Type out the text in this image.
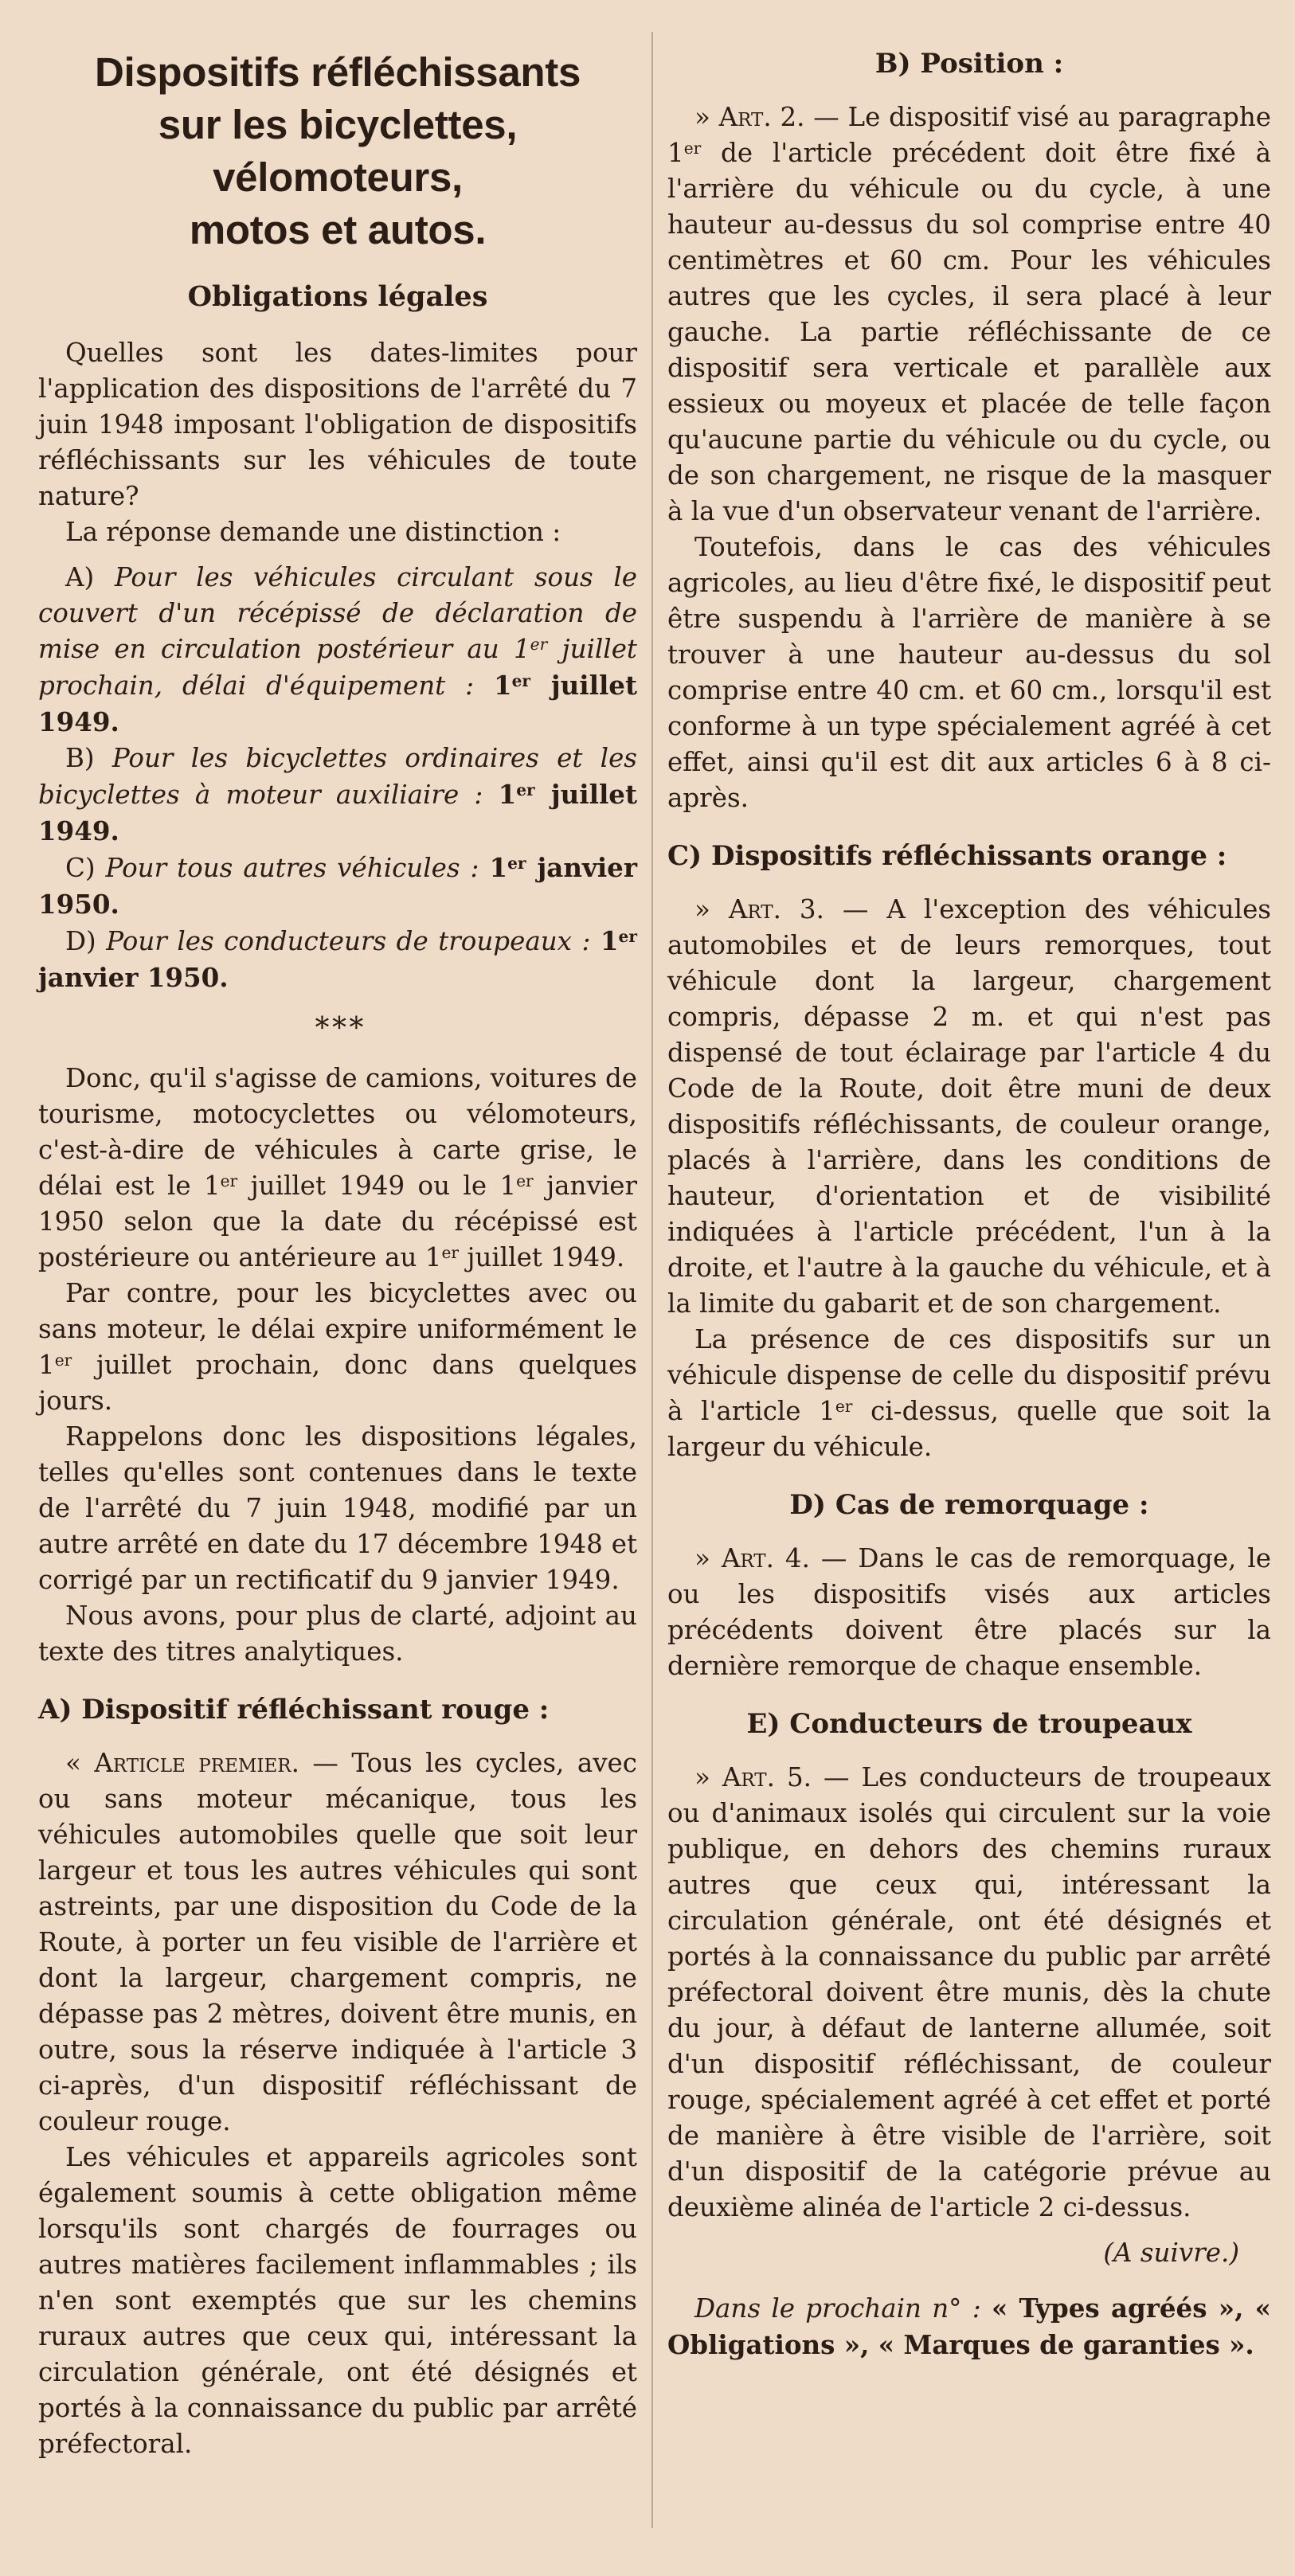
Dispositifs réfléchissants
sur les bicyclettes, vélomoteurs,
motos et autos.
Obligations légales

Quelles sont les dates-limites pour l'application des dispositions de l'arrêté du 7 juin 1948 imposant l'obligation de dispositifs réfléchissants sur les véhicules de toute nature?

La réponse demande une distinction :

A) Pour les véhicules circulant sous le couvert d'un récépissé de déclaration de mise en circulation postérieur au 1er juillet prochain, délai d'équipement : 1er juillet 1949.

B) Pour les bicyclettes ordinaires et les bicyclettes à moteur auxiliaire : 1er juillet 1949.

C) Pour tous autres véhicules : 1er janvier 1950.

D) Pour les conducteurs de troupeaux : 1er janvier 1950.

* * *

Donc, qu'il s'agisse de camions, voitures de tourisme, motocyclettes ou vélomoteurs, c'est-à-dire de véhicules à carte grise, le délai est le 1er juillet 1949 ou le 1er janvier 1950 selon que la date du récépissé est postérieure ou antérieure au 1er juillet 1949.

Par contre, pour les bicyclettes avec ou sans moteur, le délai expire uniformément le 1er juillet prochain, donc dans quelques jours.

Rappelons donc les dispositions légales, telles qu'elles sont contenues dans le texte de l'arrêté du 7 juin 1948, modifié par un autre arrêté en date du 17 décembre 1948 et corrigé par un rectificatif du 9 janvier 1949.

Nous avons, pour plus de clarté, adjoint au texte des titres analytiques.

A) Dispositif réfléchissant rouge :

« Article premier. — Tous les cycles, avec ou sans moteur mécanique, tous les véhicules automobiles quelle que soit leur largeur et tous les autres véhicules qui sont astreints, par une disposition du Code de la Route, à porter un feu visible de l'arrière et dont la largeur, chargement compris, ne dépasse pas 2 mètres, doivent être munis, en outre, sous la réserve indiquée à l'article 3 ci-après, d'un dispositif réfléchissant de couleur rouge.

Les véhicules et appareils agricoles sont également soumis à cette obligation même lorsqu'ils sont chargés de fourrages ou autres matières facilement inflammables ; ils n'en sont exemptés que sur les chemins ruraux autres que ceux qui, intéressant la circulation générale, ont été désignés et portés à la connaissance du public par arrêté préfectoral.

B) Position :

» Art. 2. — Le dispositif visé au paragraphe 1er de l'article précédent doit être fixé à l'arrière du véhicule ou du cycle, à une hauteur au-dessus du sol comprise entre 40 centimètres et 60 cm. Pour les véhicules autres que les cycles, il sera placé à leur gauche. La partie réfléchissante de ce dispositif sera verticale et parallèle aux essieux ou moyeux et placée de telle façon qu'aucune partie du véhicule ou du cycle, ou de son chargement, ne risque de la masquer à la vue d'un observateur venant de l'arrière.

Toutefois, dans le cas des véhicules agricoles, au lieu d'être fixé, le dispositif peut être suspendu à l'arrière de manière à se trouver à une hauteur au-dessus du sol comprise entre 40 cm. et 60 cm., lorsqu'il est conforme à un type spécialement agréé à cet effet, ainsi qu'il est dit aux articles 6 à 8 ci-après.

C) Dispositifs réfléchissants orange :

» Art. 3. — A l'exception des véhicules automobiles et de leurs remorques, tout véhicule dont la largeur, chargement compris, dépasse 2 m. et qui n'est pas dispensé de tout éclairage par l'article 4 du Code de la Route, doit être muni de deux dispositifs réfléchissants, de couleur orange, placés à l'arrière, dans les conditions de hauteur, d'orientation et de visibilité indiquées à l'article précédent, l'un à la droite, et l'autre à la gauche du véhicule, et à la limite du gabarit et de son chargement.

La présence de ces dispositifs sur un véhicule dispense de celle du dispositif prévu à l'article 1er ci-dessus, quelle que soit la largeur du véhicule.

D) Cas de remorquage :

» Art. 4. — Dans le cas de remorquage, le ou les dispositifs visés aux articles précédents doivent être placés sur la dernière remorque de chaque ensemble.

E) Conducteurs de troupeaux

» Art. 5. — Les conducteurs de troupeaux ou d'animaux isolés qui circulent sur la voie publique, en dehors des chemins ruraux autres que ceux qui, intéressant la circulation générale, ont été désignés et portés à la connaissance du public par arrêté préfectoral doivent être munis, dès la chute du jour, à défaut de lanterne allumée, soit d'un dispositif réfléchissant, de couleur rouge, spécialement agréé à cet effet et porté de manière à être visible de l'arrière, soit d'un dispositif de la catégorie prévue au deuxième alinéa de l'article 2 ci-dessus.

(A suivre.)

Dans le prochain n° : « Types agréés », « Obligations », « Marques de garanties ».
